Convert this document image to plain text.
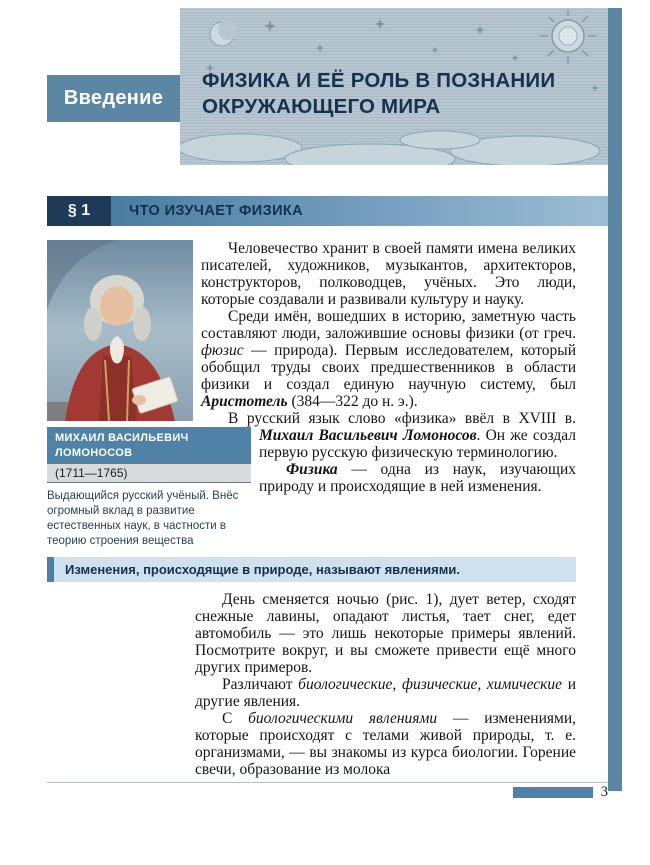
Введение
ФИЗИКА И ЕЁ РОЛЬ В ПОЗНАНИИ ОКРУЖАЮЩЕГО МИРА
§ 1	ЧТО ИЗУЧАЕТ ФИЗИКА
МИХАИЛ ВАСИЛЬЕВИЧ
ЛОМОНОСОВ
(1711—1765)
Выдающийся русский учёный. Внёс огромный вклад в развитие естественных наук, в частности в теорию строения вещества

Человечество хранит в своей памяти имена великих писателей, художников, музыкантов, архитекторов, конструкторов, полководцев, учёных. Это люди, которые создавали и развивали культуру и науку.

Среди имён, вошедших в историю, заметную часть составляют люди, заложившие основы физики (от греч. фюзис — природа). Первым исследователем, который обобщил труды своих предшественников в области физики и создал единую научную систему, был Аристотель (384—322 до н. э.).

В русский язык слово «физика» ввёл в XVIII в. Михаил Васильевич Ломоносов. Он же создал первую русскую физическую терминологию.

Физика — одна из наук, изучающих природу и происходящие в ней изменения.

Изменения, происходящие в природе, называют явлениями.

День сменяется ночью (рис. 1), дует ветер, сходят снежные лавины, опадают листья, тает снег, едет автомобиль — это лишь некоторые примеры явлений. Посмотрите вокруг, и вы сможете привести ещё много других примеров.

Различают биологические, физические, химические и другие явления.

С биологическими явлениями — изменениями, которые происходят с телами живой природы, т. е. организмами, — вы знакомы из курса биологии. Горение свечи, образование из молока

3
